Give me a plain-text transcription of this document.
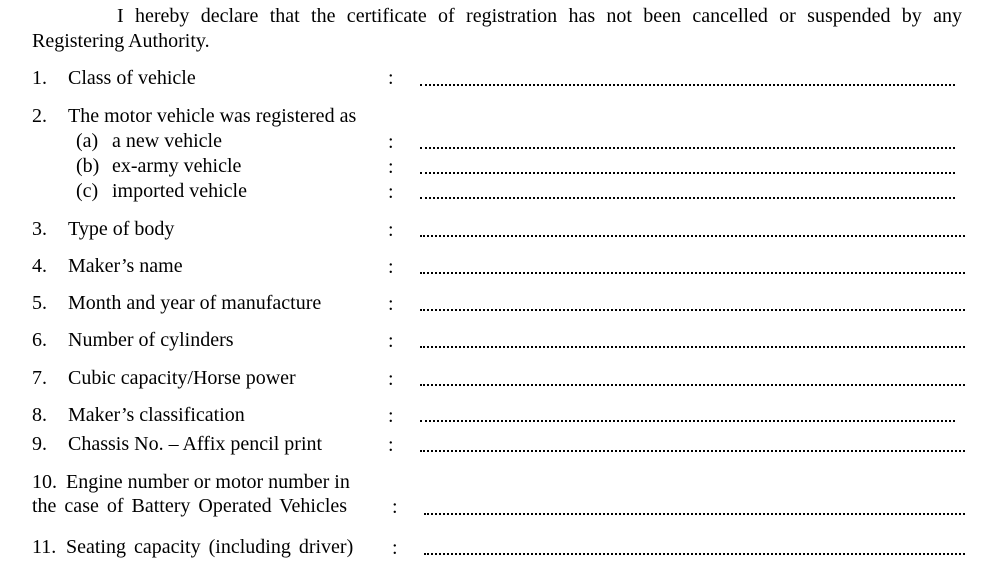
I hereby declare that the certificate of registration has not been cancelled or suspended by any Registering Authority.

1. Class of vehicle	:
2. The motor vehicle was registered as
(a) a new vehicle	:
(b) ex-army vehicle	:
(c) imported vehicle	:
3. Type of body	:
4. Maker’s name	:
5. Month and year of manufacture	:
6. Number of cylinders	:
7. Cubic capacity/Horse power	:
8. Maker’s classification	:
9. Chassis No. – Affix pencil print	:
10. Engine number or motor number in
the case of Battery Operated Vehicles :
11. Seating capacity (including driver) :
